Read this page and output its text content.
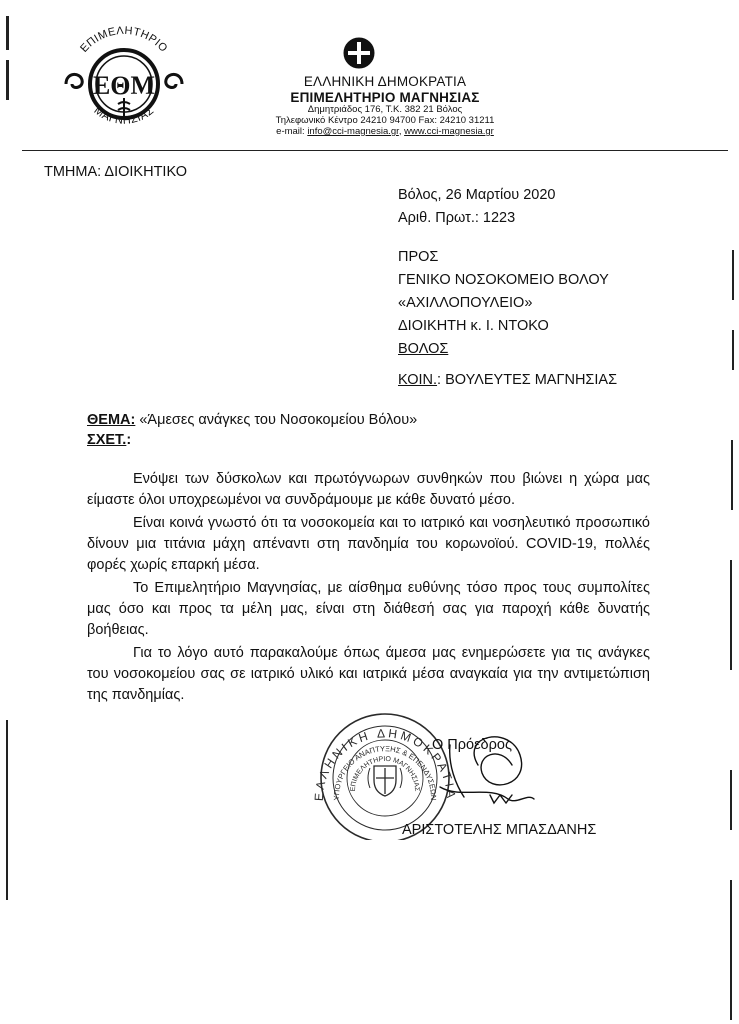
ΕΠΙΜΕΛΗΤΗΡΙΟ
ΜΑΓΝΗΣΙΑΣ
ΕΘΜ	ΕΛΛΗΝΙΚΗ ΔΗΜΟΚΡΑΤΙΑ
ΕΠΙΜΕΛΗΤΗΡΙΟ ΜΑΓΝΗΣΙΑΣ
Δημητριάδος 176, Τ.Κ. 382 21 Βόλος
Τηλεφωνικό Κέντρο 24210 94700 Fax: 24210 31211
e-mail: info@cci-magnesia.gr, www.cci-magnesia.gr
ΤΜΗΜΑ: ΔΙΟΙΚΗΤΙΚΟ
Βόλος, 26 Μαρτίου 2020
Αριθ. Πρωτ.: 1223
ΠΡΟΣ
ΓΕΝΙΚΟ ΝΟΣΟΚΟΜΕΙΟ ΒΟΛΟΥ
«ΑΧΙΛΛΟΠΟΥΛΕΙΟ»
ΔΙΟΙΚΗΤΗ κ. Ι. ΝΤΟΚΟ
ΒΟΛΟΣ
ΚΟΙΝ.: ΒΟΥΛΕΥΤΕΣ ΜΑΓΝΗΣΙΑΣ
ΘΕΜΑ: «Άμεσες ανάγκες του Νοσοκομείου Βόλου»
ΣΧΕΤ.:

Ενόψει των δύσκολων και πρωτόγνωρων συνθηκών που βιώνει η χώρα μας είμαστε όλοι υποχρεωμένοι να συνδράμουμε με κάθε δυνατό μέσο.

Είναι κοινά γνωστό ότι τα νοσοκομεία και το ιατρικό και νοσηλευτικό προσωπικό δίνουν μια τιτάνια μάχη απέναντι στη πανδημία του κορωνοϊού. COVID-19, πολλές φορές χωρίς επαρκή μέσα.

Το Επιμελητήριο Μαγνησίας, με αίσθημα ευθύνης τόσο προς τους συμπολίτες μας όσο και προς τα μέλη μας, είναι στη διάθεσή σας για παροχή κάθε δυνατής βοήθειας.

Για το λόγο αυτό παρακαλούμε όπως άμεσα μας ενημερώσετε για τις ανάγκες του νοσοκομείου σας σε ιατρικό υλικό και ιατρικά μέσα αναγκαία για την αντιμετώπιση της πανδημίας.

ΕΛΛΗΝΙΚΗ ΔΗΜΟΚΡΑΤΙΑ
ΥΠΟΥΡΓΕΙΟ ΑΝΑΠΤΥΞΗΣ & ΕΠΕΝΔΥΣΕΩΝ
ΕΠΙΜΕΛΗΤΗΡΙΟ ΜΑΓΝΗΣΙΑΣ
Ο Πρόεδρος
ΑΡΙΣΤΟΤΕΛΗΣ ΜΠΑΣΔΑΝΗΣ
